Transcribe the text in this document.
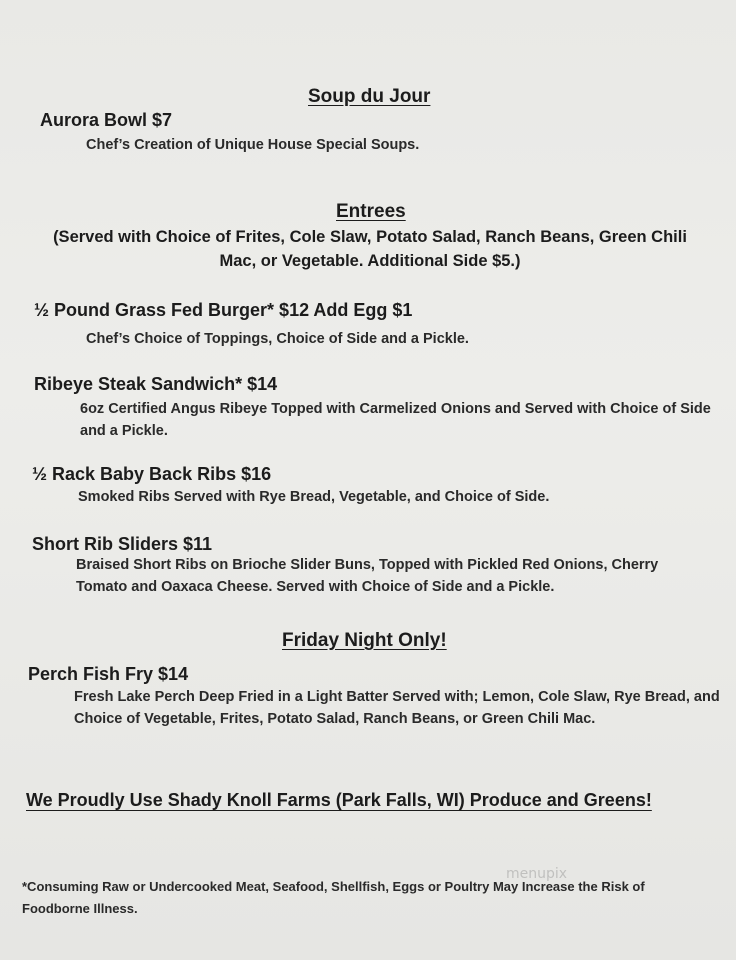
Soup du Jour
Aurora Bowl $7
Chef’s Creation of Unique House Special Soups.
Entrees
(Served with Choice of Frites, Cole Slaw, Potato Salad, Ranch Beans, Green Chili Mac, or Vegetable. Additional Side $5.)
½ Pound Grass Fed Burger* $12 Add Egg $1
Chef’s Choice of Toppings, Choice of Side and a Pickle.
Ribeye Steak Sandwich* $14
6oz Certified Angus Ribeye Topped with Carmelized Onions and Served with Choice of Side and a Pickle.
½ Rack Baby Back Ribs $16
Smoked Ribs Served with Rye Bread, Vegetable, and Choice of Side.
Short Rib Sliders $11
Braised Short Ribs on Brioche Slider Buns, Topped with Pickled Red Onions, Cherry Tomato and Oaxaca Cheese. Served with Choice of Side and a Pickle.
Friday Night Only!
Perch Fish Fry $14
Fresh Lake Perch Deep Fried in a Light Batter Served with; Lemon, Cole Slaw, Rye Bread, and Choice of Vegetable, Frites, Potato Salad, Ranch Beans, or Green Chili Mac.
We Proudly Use Shady Knoll Farms (Park Falls, WI) Produce and Greens!
menupix
*Consuming Raw or Undercooked Meat, Seafood, Shellfish, Eggs or Poultry May Increase the Risk of Foodborne Illness.
